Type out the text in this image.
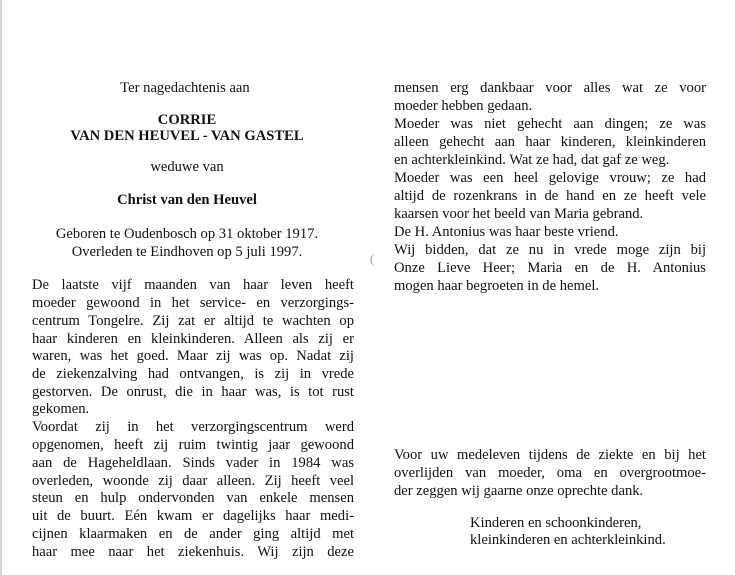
Ter nagedachtenis aan
CORRIE
VAN DEN HEUVEL - VAN GASTEL
weduwe van
Christ van den Heuvel
Geboren te Oudenbosch op 31 oktober 1917.
Overleden te Eindhoven op 5 juli 1997.
De laatste vijf maanden van haar leven heeft
moeder gewoond in het service- en verzorgings-
centrum Tongelre. Zij zat er altijd te wachten op
haar kinderen en kleinkinderen. Alleen als zij er
waren, was het goed. Maar zij was op. Nadat zij
de ziekenzalving had ontvangen, is zij in vrede
gestorven. De onrust, die in haar was, is tot rust
gekomen.
Voordat zij in het verzorgingscentrum werd
opgenomen, heeft zij ruim twintig jaar gewoond
aan de Hageheldlaan. Sinds vader in 1984 was
overleden, woonde zij daar alleen. Zij heeft veel
steun en hulp ondervonden van enkele mensen
uit de buurt. Eén kwam er dagelijks haar medi-
cijnen klaarmaken en de ander ging altijd met
haar mee naar het ziekenhuis. Wij zijn deze
(
mensen erg dankbaar voor alles wat ze voor
moeder hebben gedaan.
Moeder was niet gehecht aan dingen; ze was
alleen gehecht aan haar kinderen, kleinkinderen
en achterkleinkind. Wat ze had, dat gaf ze weg.
Moeder was een heel gelovige vrouw; ze had
altijd de rozenkrans in de hand en ze heeft vele
kaarsen voor het beeld van Maria gebrand.
De H. Antonius was haar beste vriend.
Wij bidden, dat ze nu in vrede moge zijn bij
Onze Lieve Heer; Maria en de H. Antonius
mogen haar begroeten in de hemel.
Voor uw medeleven tijdens de ziekte en bij het
overlijden van moeder, oma en overgrootmoe-
der zeggen wij gaarne onze oprechte dank.
Kinderen en schoonkinderen,
kleinkinderen en achterkleinkind.
